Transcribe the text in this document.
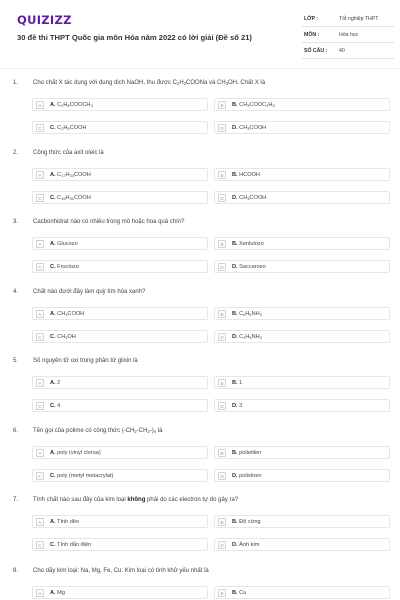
QUIZIZZ
30 đề thi THPT Quốc gia môn Hóa năm 2022 có lời giải (Đề số 21)
LỚP :	Tốt nghiệp THPT
MÔN :	Hóa học
SỐ CÂU : 40
1. Cho chất X tác dụng với dung dịch NaOH, thu được $C_2H_3COONa$ và $CH_3OH$. Chất X là
A	A. $C_2H_5COOCH_3$	B	B. $CH_3COOC_2H_5$
C	C. $C_2H_5COOH$	D	D. $CH_3COOH$
2. Công thức của axit oleic là
A	A. $C_{17}H_{33}COOH$	B	B. HCOOH
C	C. $C_{15}H_{31}COOH$	D	D. $CH_3COOH$
3. Cacbonhidrat nào có nhiều trong mô hoặc hoa quả chín?
A	A. Glucozo	B	B. Xenlulozo
C	C. Fructozo	D	D. Saccarozo
4. Chất nào dưới đây làm quỳ tím hóa xanh?
A	A. $CH_3COOH$	B	B. $C_6H_5NH_2$
C	C. $CH_3OH$	D	D. $C_2H_5NH_2$
5. Số nguyên tử oxi trong phân tử glixin là
A	A. 2	B	B. 1
C	C. 4	D	D. 3
6. Tên gọi của polime có công thức $(-CH_2-CH_2-)_n$ là
A	A. poly (vinyl clorua)	B	B. polietilen
C	C. poly (metyl metacrylat)	D	D. polistiren
7. Tính chất nào sau đây của kim loại không phải do các electron tự do gây ra?
A	A. Tính dẻo	B	B. Độ cứng
C	C. Tính dẫn điện	D	D. Ánh kim
8. Cho dãy kim loại: Na, Mg, Fe, Cu. Kim loại có tính khử yếu nhất là
A	A. Mg	B	B. Cu
